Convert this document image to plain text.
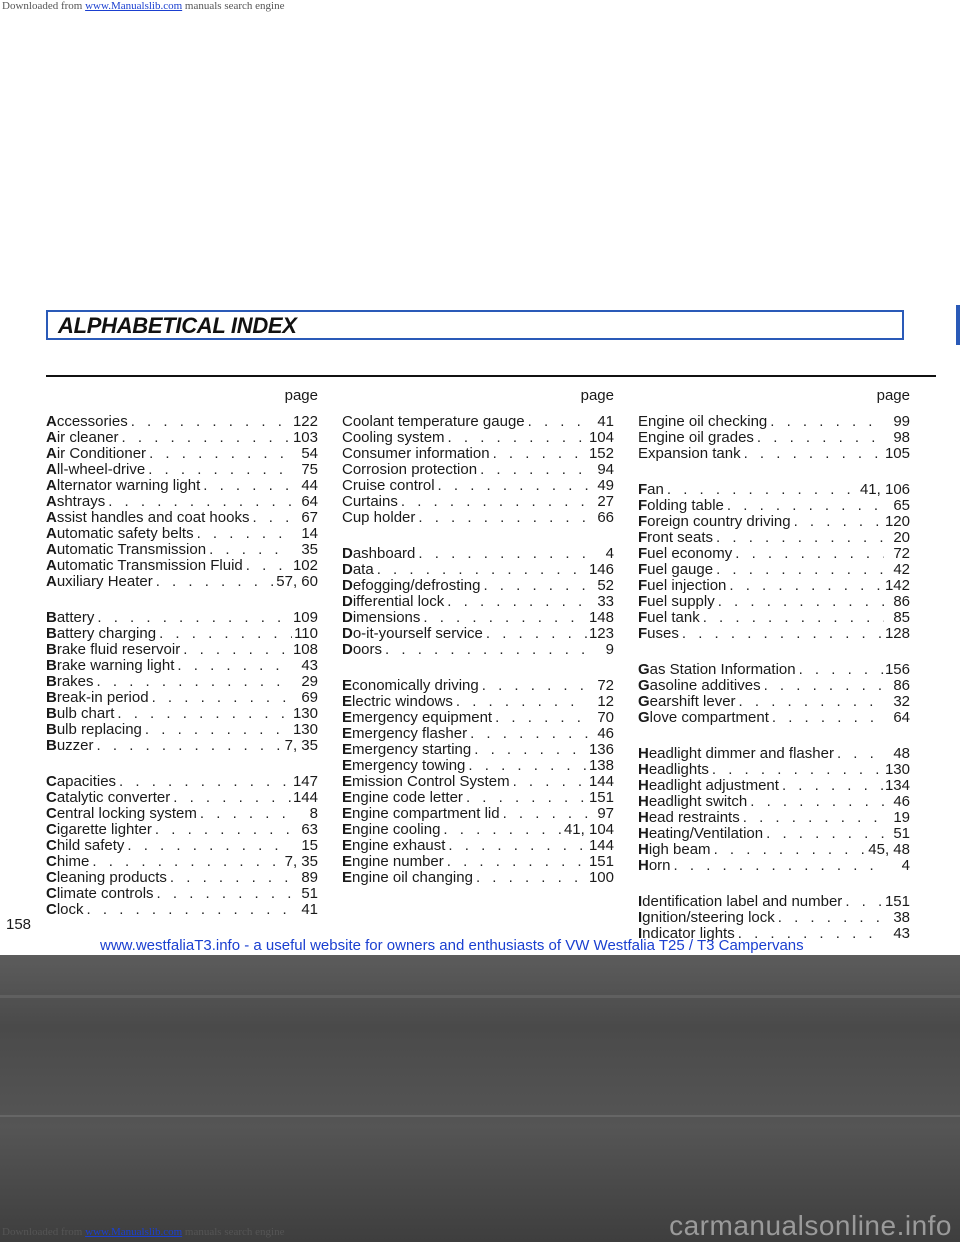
Downloaded from www.Manualslib.com manuals search engine
ALPHABETICAL INDEX
page
Accessories . . .	122
Air cleaner . . .	103
Air Conditioner . . .	54
All-wheel-drive . . .	75
Alternator warning light . . .	44
Ashtrays . . .	64
Assist handles and coat hooks . . .	67
Automatic safety belts . . .	14
Automatic Transmission . . .	35
Automatic Transmission Fluid . . .	102
Auxiliary Heater . . .	57, 60
Battery . . .	109
Battery charging . . .	110
Brake fluid reservoir . . .	108
Brake warning light . . .	43
Brakes . . .	29
Break-in period . . .	69
Bulb chart . . .	130
Bulb replacing . . .	130
Buzzer . . .	7, 35
Capacities . . .	147
Catalytic converter . . .	144
Central locking system . . .	8
Cigarette lighter . . .	63
Child safety . . .	15
Chime . . .	7, 35
Cleaning products . . .	89
Climate controls . . .	51
Clock . . .	41
page
Coolant temperature gauge . . .	41
Cooling system . . .	104
Consumer information . . .	152
Corrosion protection . . .	94
Cruise control . . .	49
Curtains . . .	27
Cup holder . . .	66
Dashboard . . .	4
Data . . .	146
Defogging/defrosting . . .	52
Differential lock . . .	33
Dimensions . . .	148
Do-it-yourself service . . .	123
Doors . . .	9
Economically driving . . .	72
Electric windows . . .	12
Emergency equipment . . .	70
Emergency flasher . . .	46
Emergency starting . . .	136
Emergency towing . . .	138
Emission Control System . . .	144
Engine code letter . . .	151
Engine compartment lid . . .	97
Engine cooling . . .	41, 104
Engine exhaust . . .	144
Engine number . . .	151
Engine oil changing . . .	100
page
Engine oil checking . . .	99
Engine oil grades . . .	98
Expansion tank . . .	105
Fan . . .	41, 106
Folding table . . .	65
Foreign country driving . . .	120
Front seats . . .	20
Fuel economy . . .	72
Fuel gauge . . .	42
Fuel injection . . .	142
Fuel supply . . .	86
Fuel tank . . .	85
Fuses . . .	128
Gas Station Information . . .	156
Gasoline additives . . .	86
Gearshift lever . . .	32
Glove compartment . . .	64
Headlight dimmer and flasher . . .	48
Headlights . . .	130
Headlight adjustment . . .	134
Headlight switch . . .	46
Head restraints . . .	19
Heating/Ventilation . . .	51
High beam . . .	45, 48
Horn . . .	4
Identification label and number . . .	151
Ignition/steering lock . . .	38
Indicator lights . . .	43
158
www.westfaliaT3.info - a useful website for owners and enthusiasts of VW Westfalia T25 / T3 Campervans
carmanualsonline.info
Downloaded from www.Manualslib.com manuals search engine
